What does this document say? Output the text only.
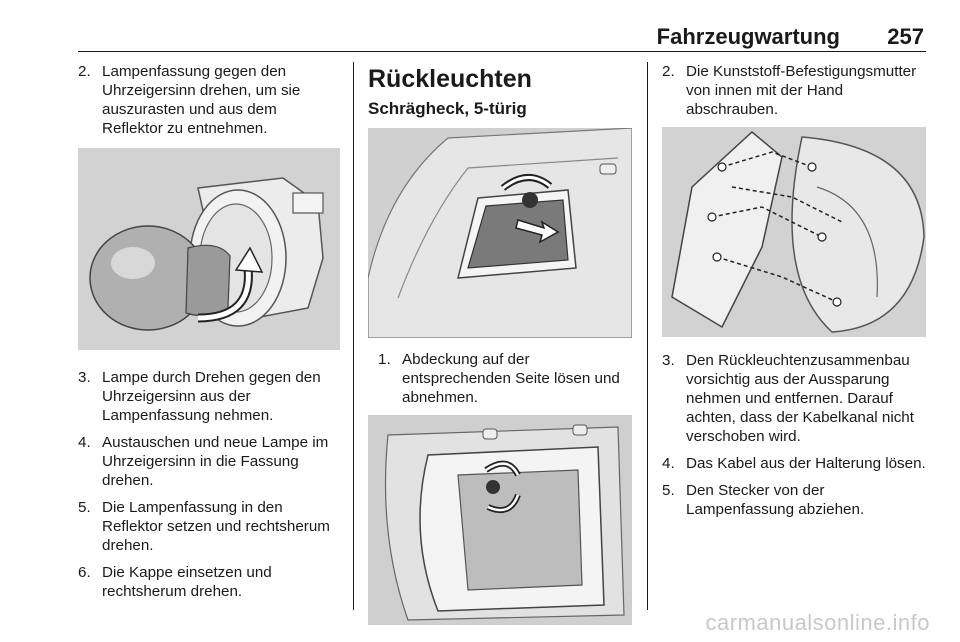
Fahrzeugwartung 257
2. Lampenfassung gegen den Uhrzeigersinn drehen, um sie auszurasten und aus dem Reflektor zu entnehmen.
3. Lampe durch Drehen gegen den Uhrzeigersinn aus der Lampenfassung nehmen.
4. Austauschen und neue Lampe im Uhrzeigersinn in die Fassung drehen.
5. Die Lampenfassung in den Reflektor setzen und rechtsherum drehen.
6. Die Kappe einsetzen und rechtsherum drehen.
Rückleuchten
Schrägheck, 5-türig
1. Abdeckung auf der entsprechenden Seite lösen und abnehmen.
2. Die Kunststoff-Befestigungsmutter von innen mit der Hand abschrauben.
3. Den Rückleuchtenzusammenbau vorsichtig aus der Aussparung nehmen und entfernen. Darauf achten, dass der Kabelkanal nicht verschoben wird.
4. Das Kabel aus der Halterung lösen.
5. Den Stecker von der Lampenfassung abziehen.
carmanualsonline.info
